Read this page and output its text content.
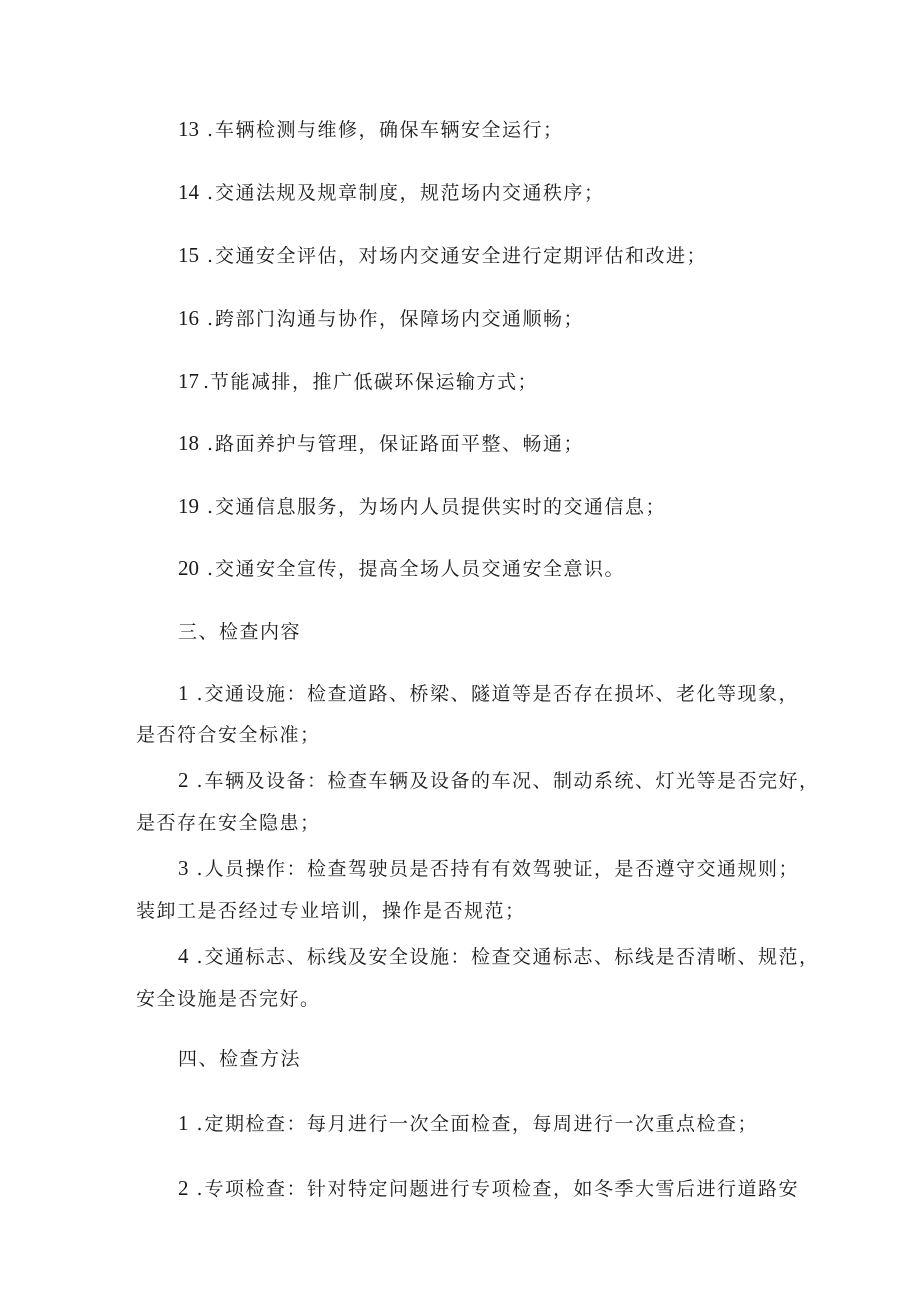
13 . 车辆检测与维修，确保车辆安全运行；
14 . 交通法规及规章制度，规范场内交通秩序；
15 . 交通安全评估，对场内交通安全进行定期评估和改进；
16 . 跨部门沟通与协作，保障场内交通顺畅；
17 .节能减排，推广低碳环保运输方式；
18 . 路面养护与管理，保证路面平整、畅通；
19 . 交通信息服务，为场内人员提供实时的交通信息；
20 . 交通安全宣传，提高全场人员交通安全意识。
三、检查内容
1 . 交通设施：检查道路、桥梁、隧道等是否存在损坏、老化等现象，
是否符合安全标准；
2 . 车辆及设备：检查车辆及设备的车况、制动系统、灯光等是否完好，
是否存在安全隐患；
3 . 人员操作：检查驾驶员是否持有有效驾驶证，是否遵守交通规则；
装卸工是否经过专业培训，操作是否规范；
4 . 交通标志、标线及安全设施：检查交通标志、标线是否清晰、规范，
安全设施是否完好。
四、检查方法
1 . 定期检查：每月进行一次全面检查，每周进行一次重点检查；
2 . 专项检查：针对特定问题进行专项检查，如冬季大雪后进行道路安
